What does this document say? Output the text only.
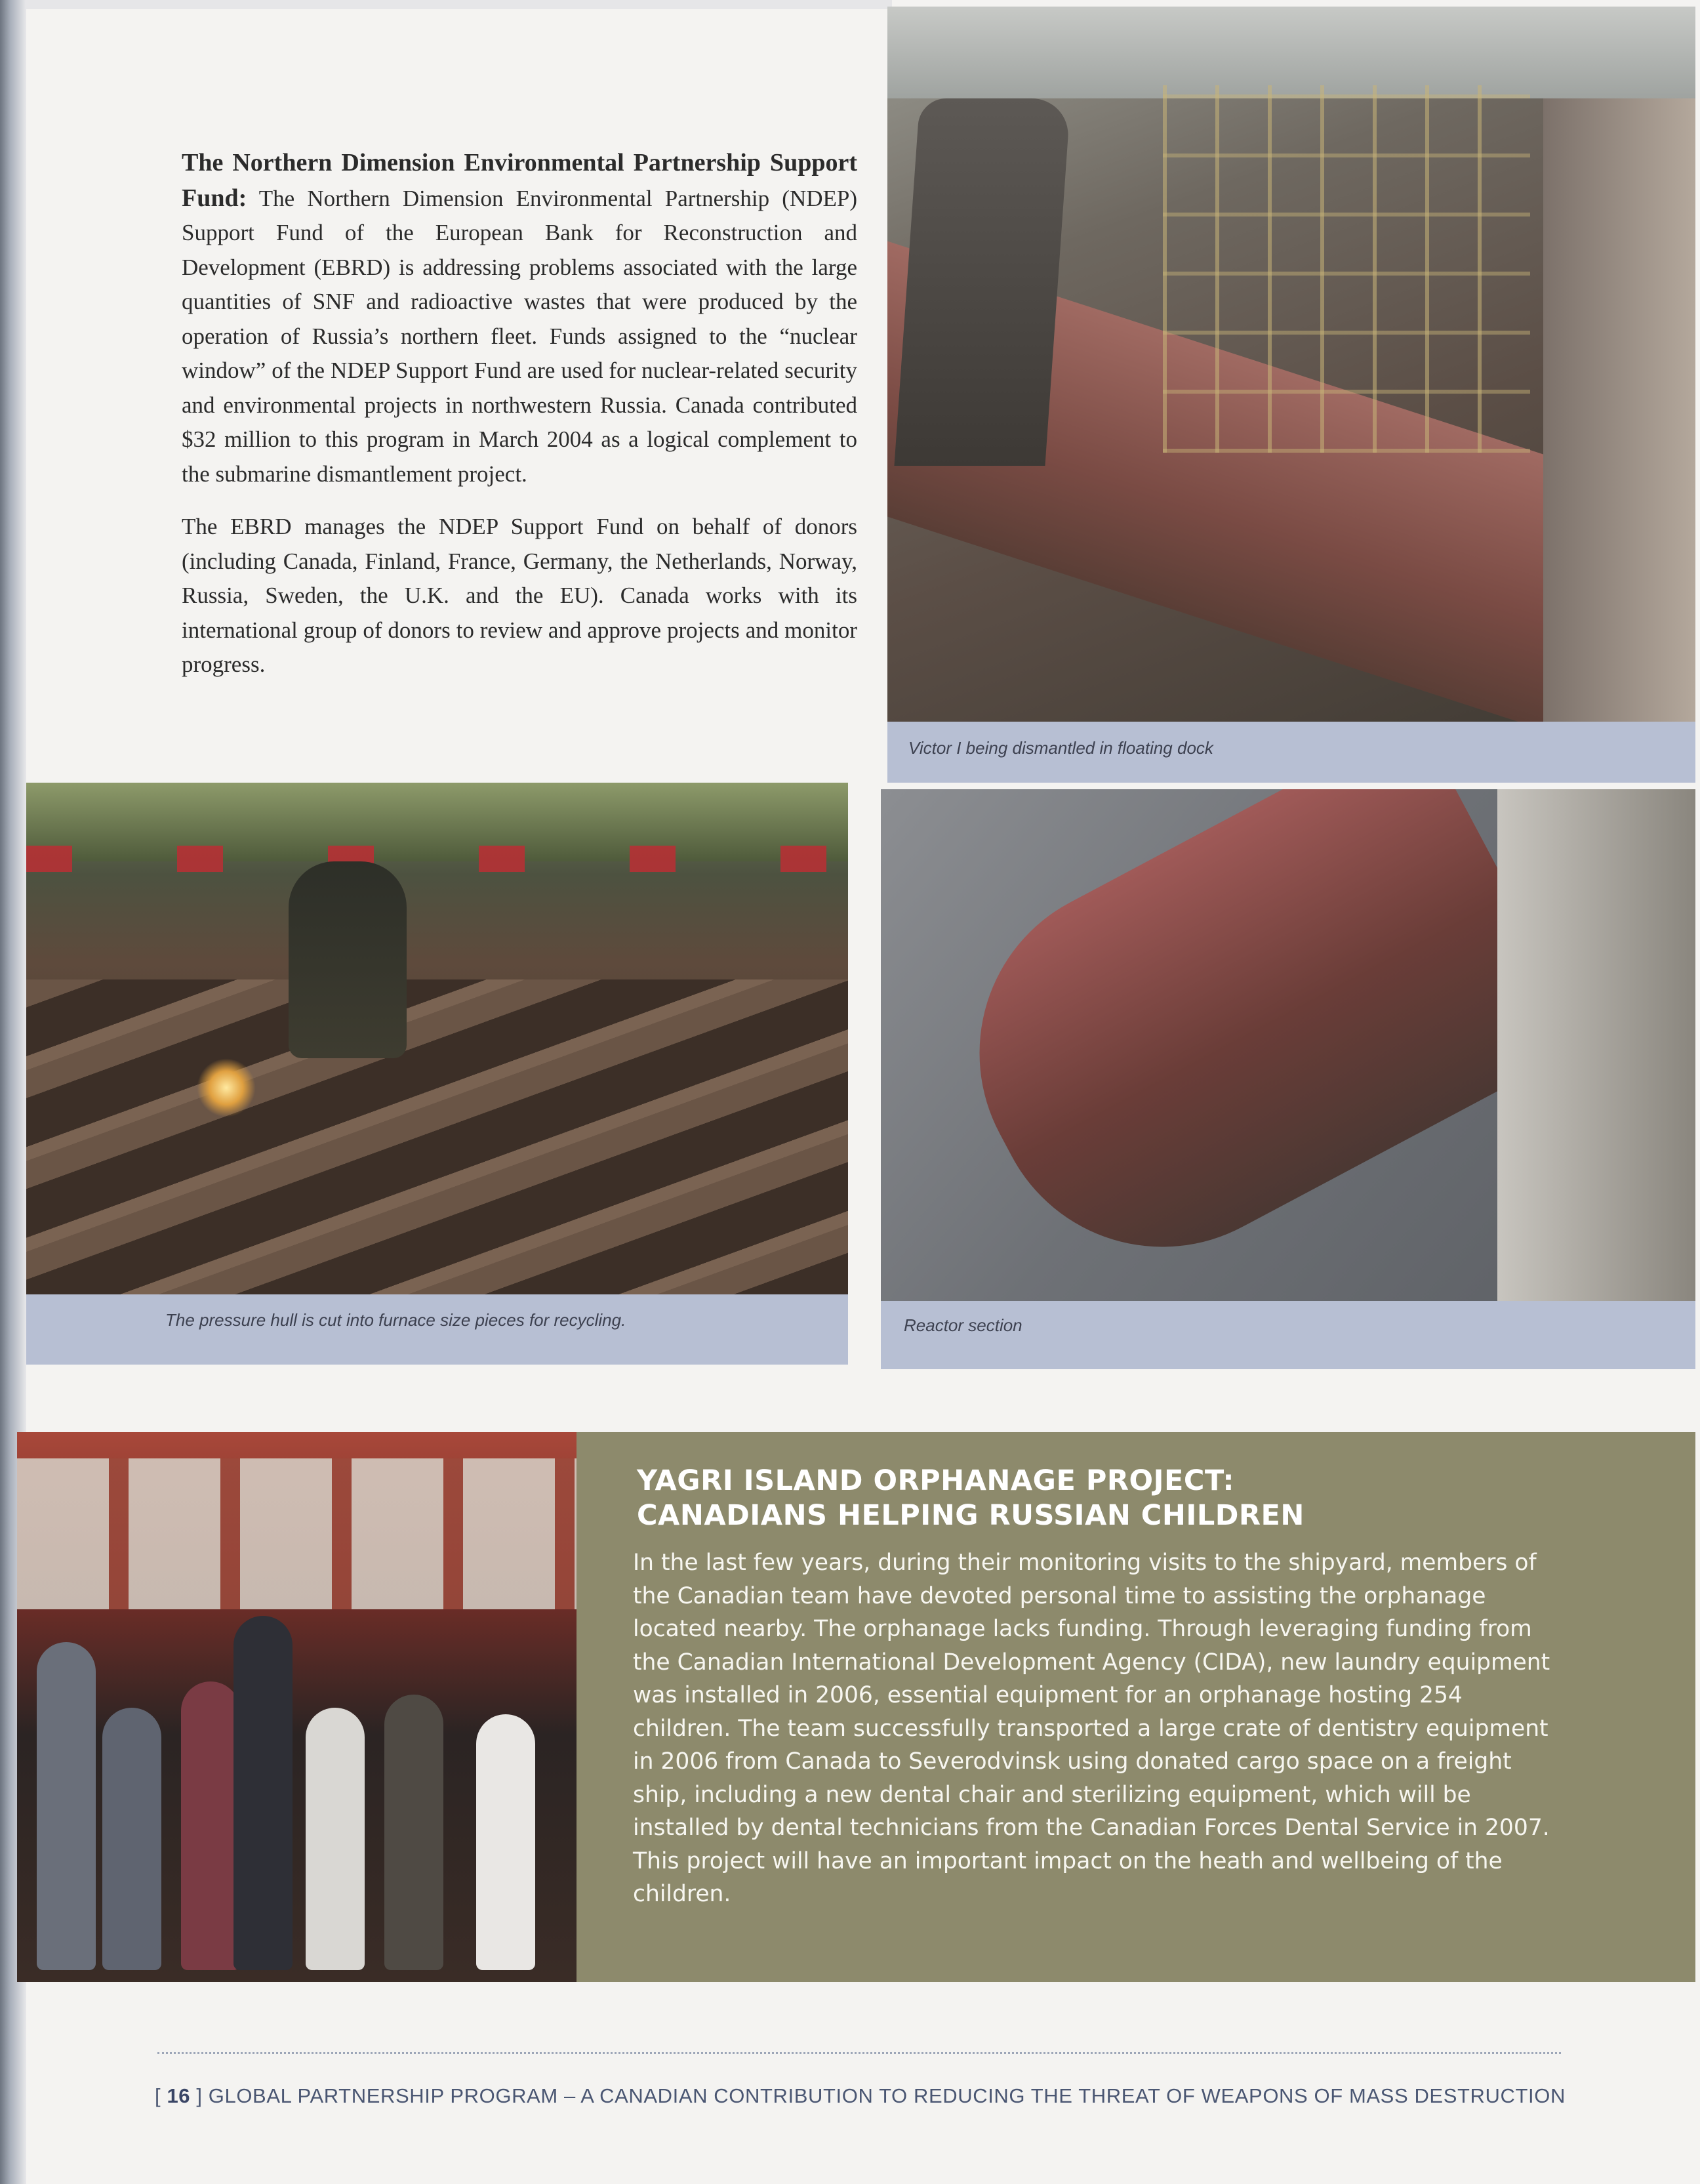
The Northern Dimension Environmental Partnership Support Fund: The Northern Dimension Environmental Partnership (NDEP) Support Fund of the European Bank for Reconstruction and Development (EBRD) is addressing problems associated with the large quantities of SNF and radioactive wastes that were produced by the operation of Russia’s northern fleet. Funds assigned to the “nuclear window” of the NDEP Support Fund are used for nuclear-related security and environmental projects in northwestern Russia. Canada contributed $32 million to this program in March 2004 as a logical complement to the submarine dismantlement project.

The EBRD manages the NDEP Support Fund on behalf of donors (including Canada, Finland, France, Germany, the Netherlands, Norway, Russia, Sweden, the U.K. and the EU). Canada works with its international group of donors to review and approve projects and monitor progress.

Victor I being dismantled in floating dock
The pressure hull is cut into furnace size pieces for recycling.	Reactor section
YAGRI ISLAND ORPHANAGE PROJECT:
CANADIANS HELPING RUSSIAN CHILDREN
In the last few years, during their monitoring visits to the shipyard, members of the Canadian team have devoted personal time to assisting the orphanage located nearby. The orphanage lacks funding. Through leveraging funding from the Canadian International Development Agency (CIDA), new laundry equipment was installed in 2006, essential equipment for an orphanage hosting 254 children. The team successfully transported a large crate of dentistry equipment in 2006 from Canada to Severodvinsk using donated cargo space on a freight ship, including a new dental chair and sterilizing equipment, which will be installed by dental technicians from the Canadian Forces Dental Service in 2007. This project will have an important impact on the heath and wellbeing of the children.
[ 16 ] GLOBAL PARTNERSHIP PROGRAM – A CANADIAN CONTRIBUTION TO REDUCING THE THREAT OF WEAPONS OF MASS DESTRUCTION
